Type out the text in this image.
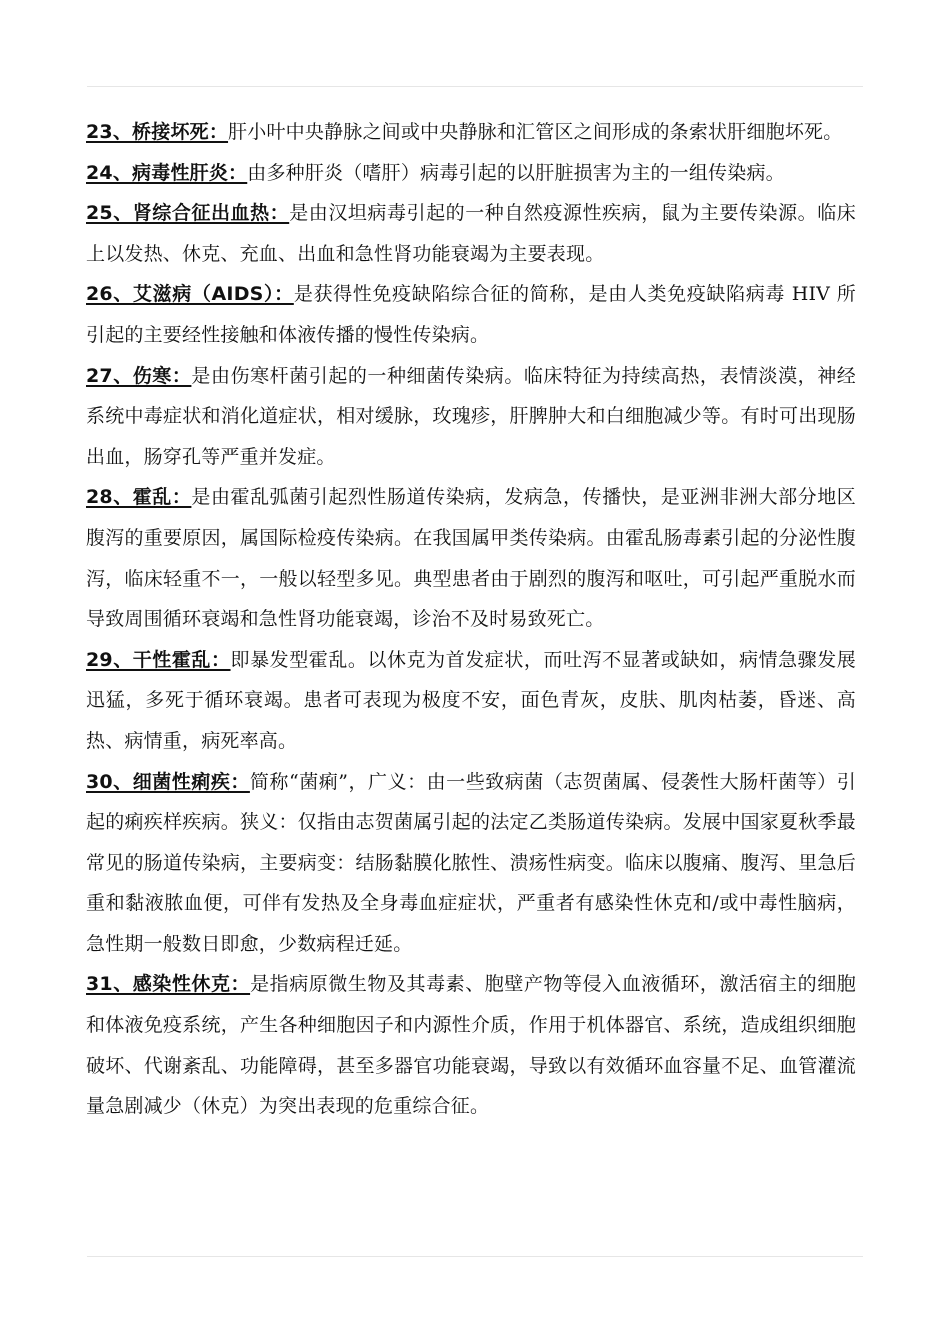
23、桥接坏死：肝小叶中央静脉之间或中央静脉和汇管区之间形成的条索状肝细胞坏死。

24、病毒性肝炎：由多种肝炎（嗜肝）病毒引起的以肝脏损害为主的一组传染病。

25、肾综合征出血热：是由汉坦病毒引起的一种自然疫源性疾病，鼠为主要传染源。临床上以发热、休克、充血、出血和急性肾功能衰竭为主要表现。

26、艾滋病（AIDS）：是获得性免疫缺陷综合征的简称，是由人类免疫缺陷病毒 HIV 所引起的主要经性接触和体液传播的慢性传染病。

27、伤寒：是由伤寒杆菌引起的一种细菌传染病。临床特征为持续高热，表情淡漠，神经系统中毒症状和消化道症状，相对缓脉，玫瑰疹，肝脾肿大和白细胞减少等。有时可出现肠出血，肠穿孔等严重并发症。

28、霍乱：是由霍乱弧菌引起烈性肠道传染病，发病急，传播快，是亚洲非洲大部分地区腹泻的重要原因，属国际检疫传染病。在我国属甲类传染病。由霍乱肠毒素引起的分泌性腹泻，临床轻重不一，一般以轻型多见。典型患者由于剧烈的腹泻和呕吐，可引起严重脱水而导致周围循环衰竭和急性肾功能衰竭，诊治不及时易致死亡。

29、干性霍乱：即暴发型霍乱。以休克为首发症状，而吐泻不显著或缺如，病情急骤发展迅猛，多死于循环衰竭。患者可表现为极度不安，面色青灰，皮肤、肌肉枯萎，昏迷、高热、病情重，病死率高。

30、细菌性痢疾：简称“菌痢”，广义：由一些致病菌（志贺菌属、侵袭性大肠杆菌等）引起的痢疾样疾病。狭义：仅指由志贺菌属引起的法定乙类肠道传染病。发展中国家夏秋季最常见的肠道传染病，主要病变：结肠黏膜化脓性、溃疡性病变。临床以腹痛、腹泻、里急后重和黏液脓血便，可伴有发热及全身毒血症症状，严重者有感染性休克和/或中毒性脑病，急性期一般数日即愈，少数病程迁延。

31、感染性休克：是指病原微生物及其毒素、胞壁产物等侵入血液循环，激活宿主的细胞和体液免疫系统，产生各种细胞因子和内源性介质，作用于机体器官、系统，造成组织细胞破坏、代谢紊乱、功能障碍，甚至多器官功能衰竭，导致以有效循环血容量不足、血管灌流量急剧减少（休克）为突出表现的危重综合征。
